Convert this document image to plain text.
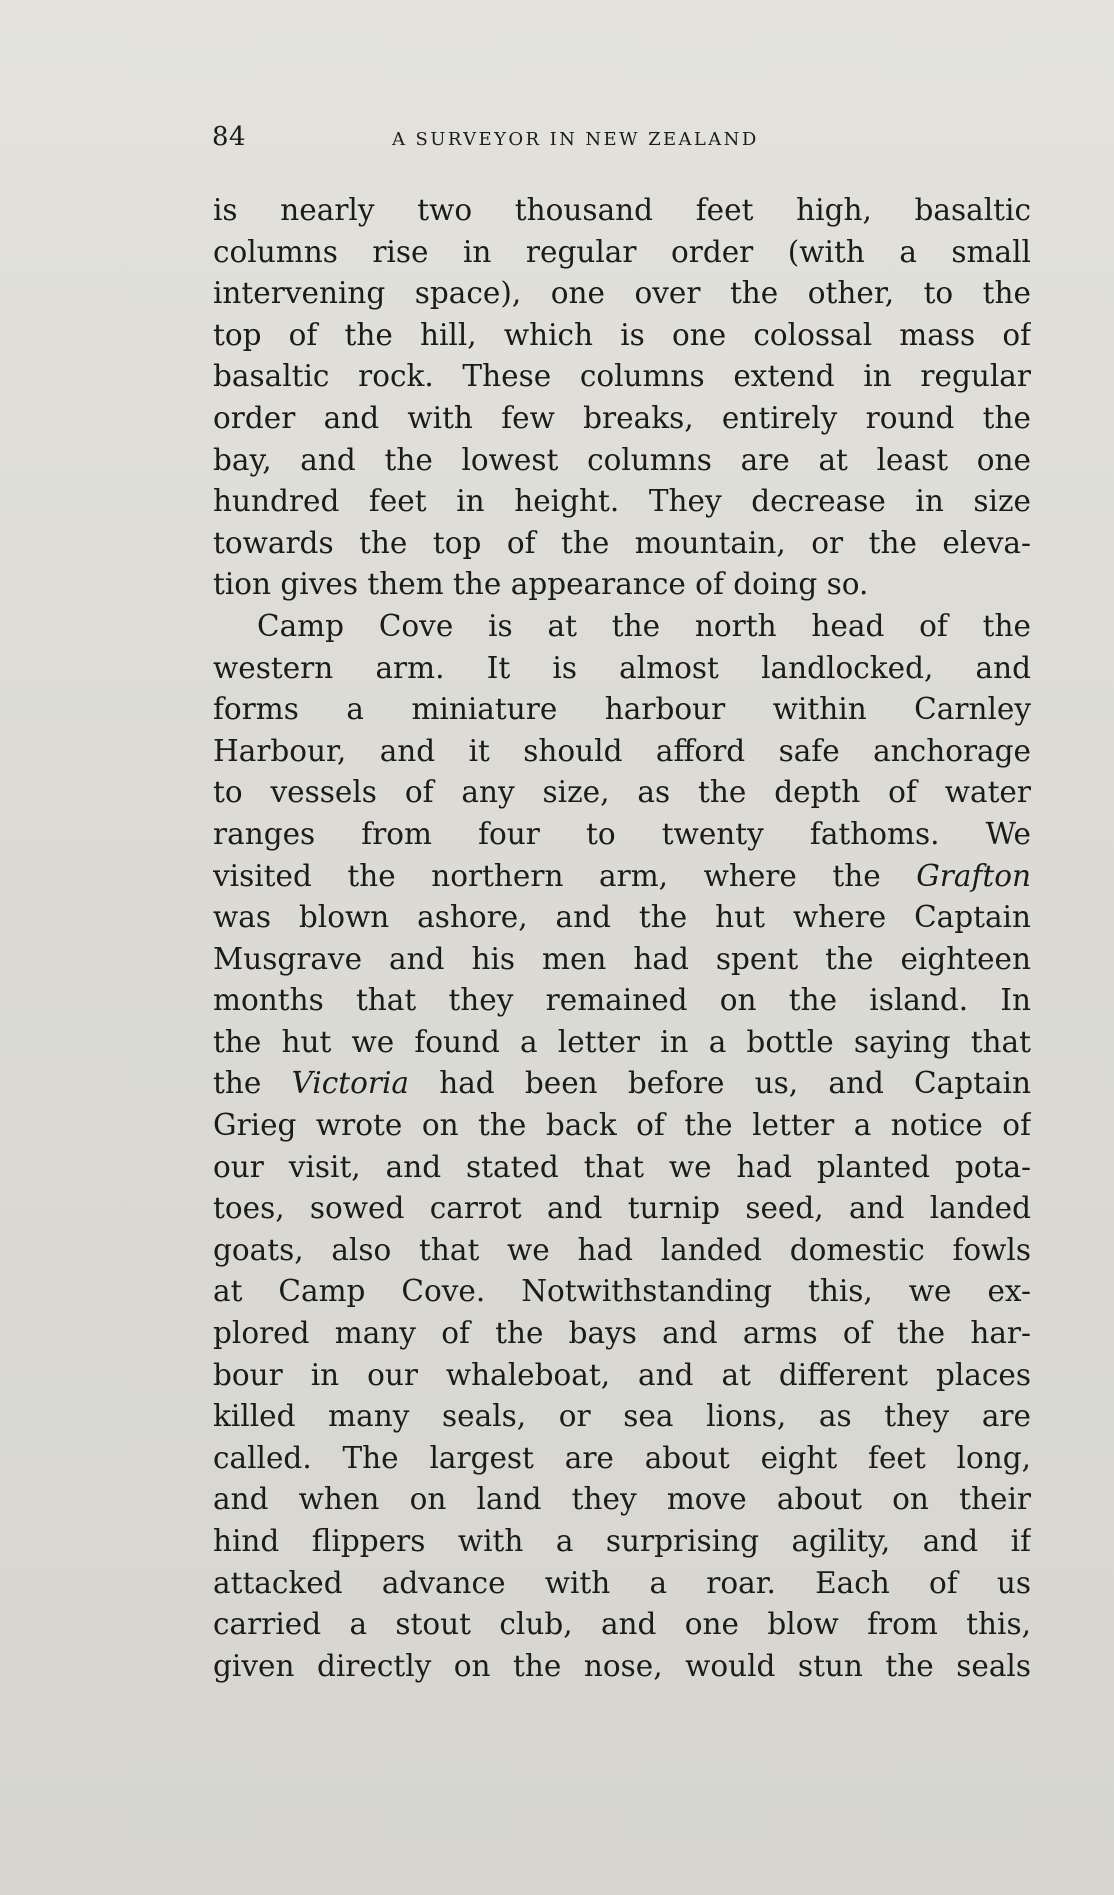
84	A SURVEYOR IN NEW ZEALAND
is nearly two thousand feet high, basaltic
columns rise in regular order (with a small
intervening space), one over the other, to the
top of the hill, which is one colossal mass of
basaltic rock. These columns extend in regular
order and with few breaks, entirely round the
bay, and the lowest columns are at least one
hundred feet in height. They decrease in size
towards the top of the mountain, or the eleva-
tion gives them the appearance of doing so.
Camp Cove is at the north head of the
western arm. It is almost landlocked, and
forms a miniature harbour within Carnley
Harbour, and it should afford safe anchorage
to vessels of any size, as the depth of water
ranges from four to twenty fathoms. We
visited the northern arm, where the Grafton
was blown ashore, and the hut where Captain
Musgrave and his men had spent the eighteen
months that they remained on the island. In
the hut we found a letter in a bottle saying that
the Victoria had been before us, and Captain
Grieg wrote on the back of the letter a notice of
our visit, and stated that we had planted pota-
toes, sowed carrot and turnip seed, and landed
goats, also that we had landed domestic fowls
at Camp Cove. Notwithstanding this, we ex-
plored many of the bays and arms of the har-
bour in our whaleboat, and at different places
killed many seals, or sea lions, as they are
called. The largest are about eight feet long,
and when on land they move about on their
hind flippers with a surprising agility, and if
attacked advance with a roar. Each of us
carried a stout club, and one blow from this,
given directly on the nose, would stun the seals
